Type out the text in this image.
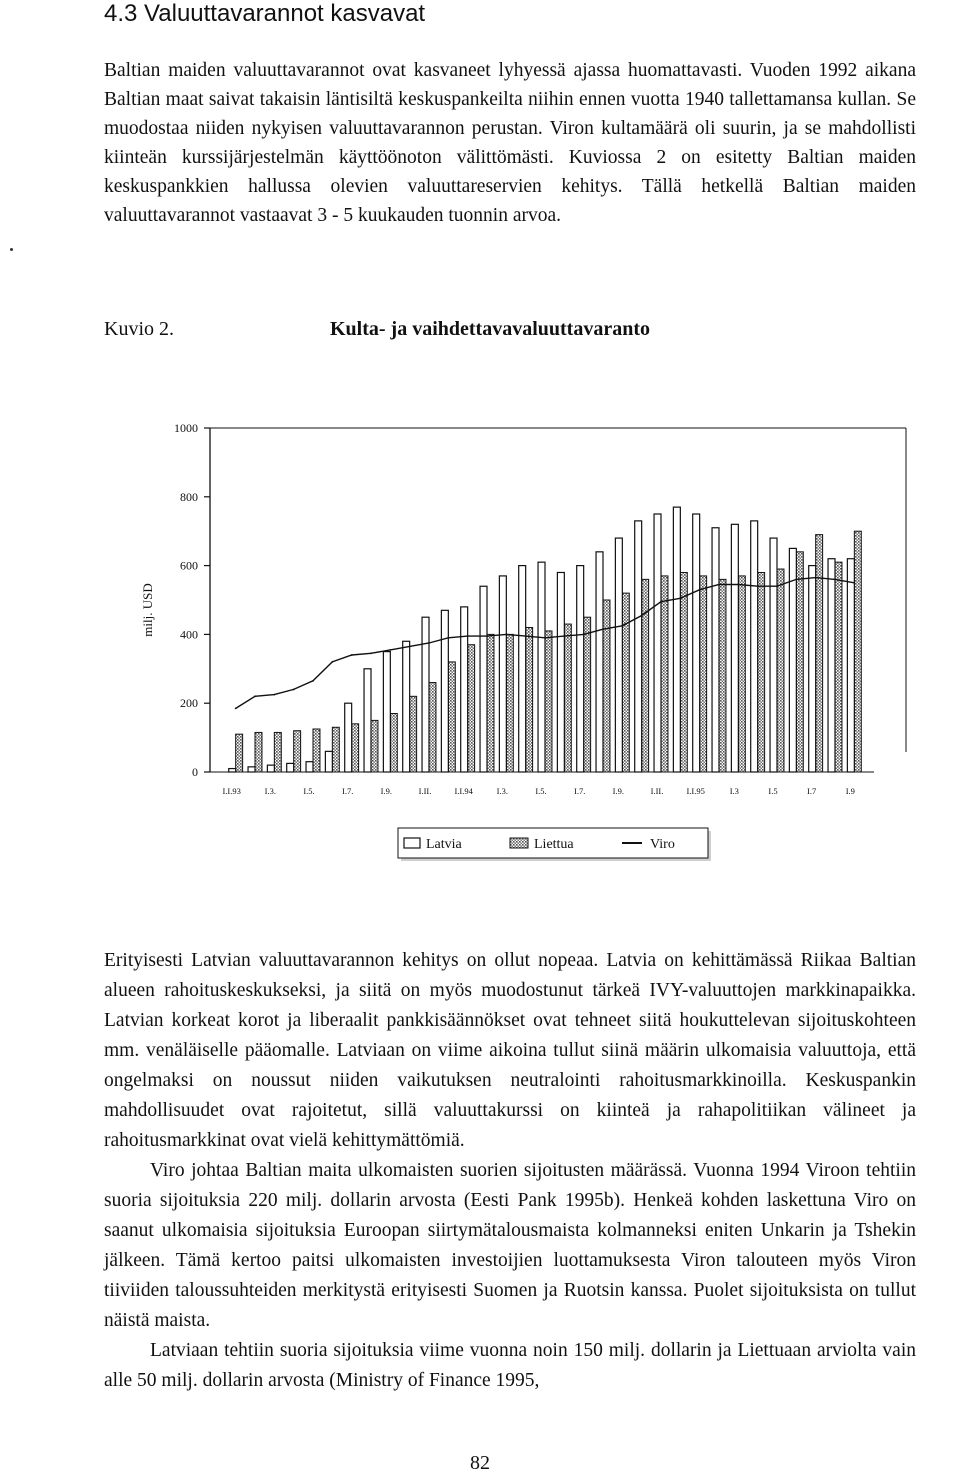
4.3 Valuuttavarannot kasvavat
Baltian maiden valuuttavarannot ovat kasvaneet lyhyessä ajassa huomattavasti. Vuoden 1992 aikana Baltian maat saivat takaisin läntisiltä keskuspankeilta niihin ennen vuotta 1940 tallettamansa kullan. Se muodostaa niiden nykyisen valuuttavarannon perustan. Viron kultamäärä oli suurin, ja se mahdollisti kiinteän kurssijärjestelmän käyttöönoton välittömästi. Kuviossa 2 on esitetty Baltian maiden keskuspankkien hallussa olevien valuuttareservien kehitys. Tällä hetkellä Baltian maiden valuuttavarannot vastaavat 3 - 5 kuukauden tuonnin arvoa.
Kuvio 2.	Kulta- ja vaihdettavavaluuttavaranto
0
200
400
600
800
1000
milj. USD
I.I.93	I.3.	I.5.	I.7.	I.9.	I.II.	I.I.94	I.3.	I.5.	I.7.	I.9.	I.II.	I.I.95	I.3	I.5	I.7	I.9
Latvia	Liettua	Viro
Erityisesti Latvian valuuttavarannon kehitys on ollut nopeaa. Latvia on kehittämässä Riikaa Baltian alueen rahoituskeskukseksi, ja siitä on myös muodostunut tärkeä IVY-valuuttojen markkinapaikka. Latvian korkeat korot ja liberaalit pankkisäännökset ovat tehneet siitä houkuttelevan sijoituskohteen mm. venäläiselle pääomalle. Latviaan on viime aikoina tullut siinä määrin ulkomaisia valuuttoja, että ongelmaksi on noussut niiden vaikutuksen neutralointi rahoitusmarkkinoilla. Keskuspankin mahdollisuudet ovat rajoitetut, sillä valuuttakurssi on kiinteä ja rahapolitiikan välineet ja rahoitusmarkkinat ovat vielä kehittymättömiä.
Viro johtaa Baltian maita ulkomaisten suorien sijoitusten määrässä. Vuonna 1994 Viroon tehtiin suoria sijoituksia 220 milj. dollarin arvosta (Eesti Pank 1995b). Henkeä kohden laskettuna Viro on saanut ulkomaisia sijoituksia Euroopan siirtymätalousmaista kolmanneksi eniten Unkarin ja Tshekin jälkeen. Tämä kertoo paitsi ulkomaisten investoijien luottamuksesta Viron talouteen myös Viron tiiviiden taloussuhteiden merkitystä erityisesti Suomen ja Ruotsin kanssa. Puolet sijoituksista on tullut näistä maista.
Latviaan tehtiin suoria sijoituksia viime vuonna noin 150 milj. dollarin ja Liettuaan arviolta vain alle 50 milj. dollarin arvosta (Ministry of Finance 1995,
82
